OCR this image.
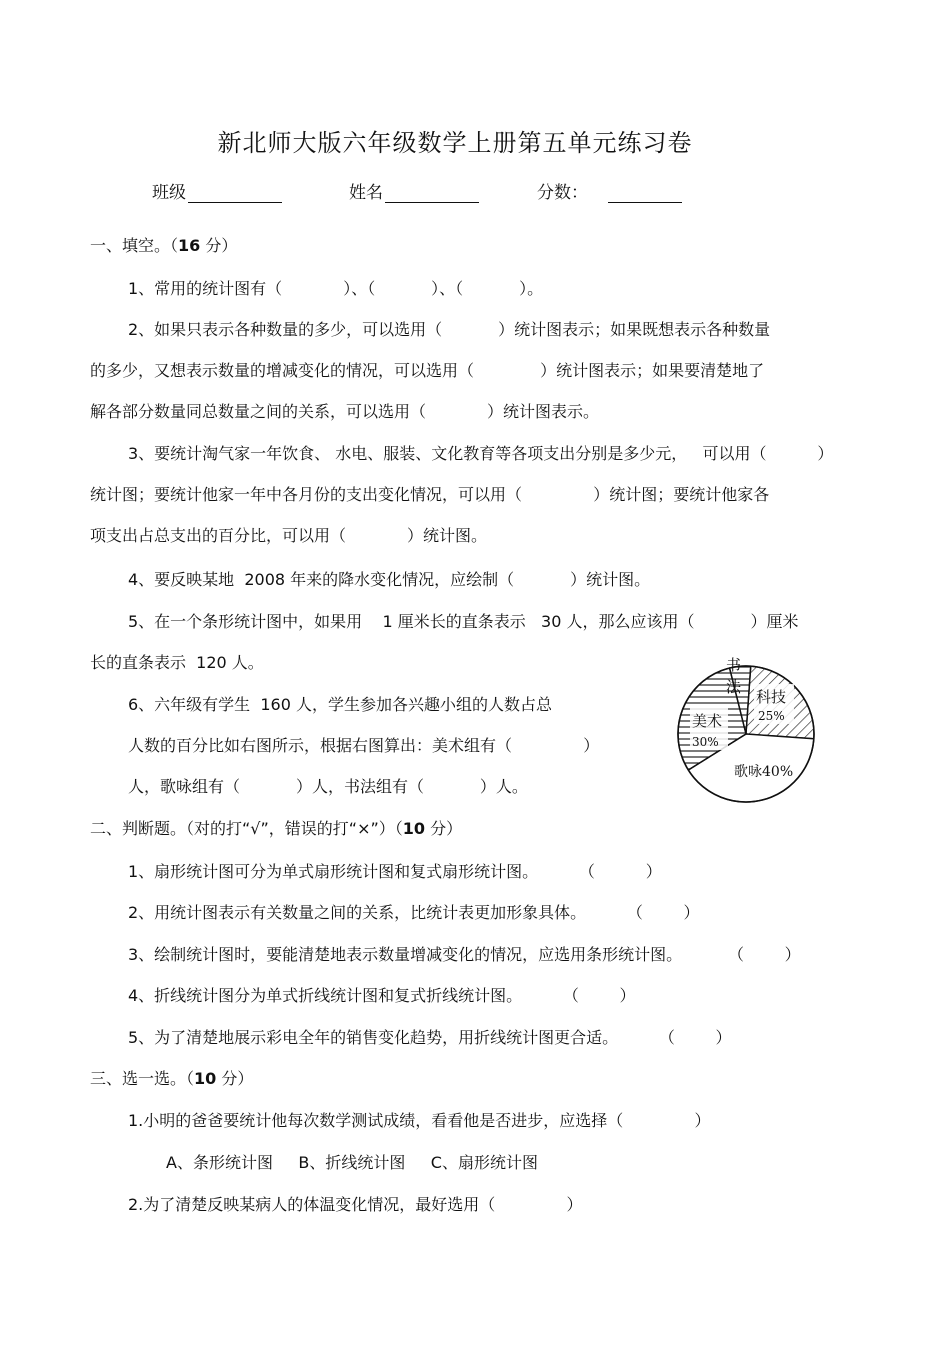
新北师大版六年级数学上册第五单元练习卷
班级	姓名	分数：
一、填空。（16 分）
1、常用的统计图有（            ）、（           ）、（           ）。
2、如果只表示各种数量的多少，可以选用（           ）统计图表示；如果既想表示各种数量
的多少，又想表示数量的增减变化的情况，可以选用（             ）统计图表示；如果要清楚地了
解各部分数量同总数量之间的关系，可以选用（            ）统计图表示。
3、要统计淘气家一年饮食、 水电、服装、文化教育等各项支出分别是多少元，   可以用（          ）
统计图；要统计他家一年中各月份的支出变化情况，可以用（              ）统计图；要统计他家各
项支出占总支出的百分比，可以用（            ）统计图。
4、要反映某地  2008 年来的降水变化情况，应绘制（           ）统计图。
5、在一个条形统计图中，如果用    1 厘米长的直条表示   30 人，那么应该用（           ）厘米
长的直条表示  120 人。
6、六年级有学生  160 人，学生参加各兴趣小组的人数占总
人数的百分比如右图所示，根据右图算出：美术组有（              ）
人，歌咏组有（           ）人，书法组有（           ）人。
书
法
科技
25%
美术
30%
歌咏40%
二、判断题。（对的打“√”，错误的打“×”）（10 分）
1、扇形统计图可分为单式扇形统计图和复式扇形统计图。        （          ）
2、用统计图表示有关数量之间的关系，比统计表更加形象具体。        （        ）
3、绘制统计图时，要能清楚地表示数量增减变化的情况，应选用条形统计图。         （        ）
4、折线统计图分为单式折线统计图和复式折线统计图。        （        ）
5、为了清楚地展示彩电全年的销售变化趋势，用折线统计图更合适。        （        ）
三、选一选。（10 分）
1.小明的爸爸要统计他每次数学测试成绩，看看他是否进步，应选择（              ）
A、条形统计图     B、折线统计图     C、扇形统计图
2.为了清楚反映某病人的体温变化情况，最好选用（              ）
